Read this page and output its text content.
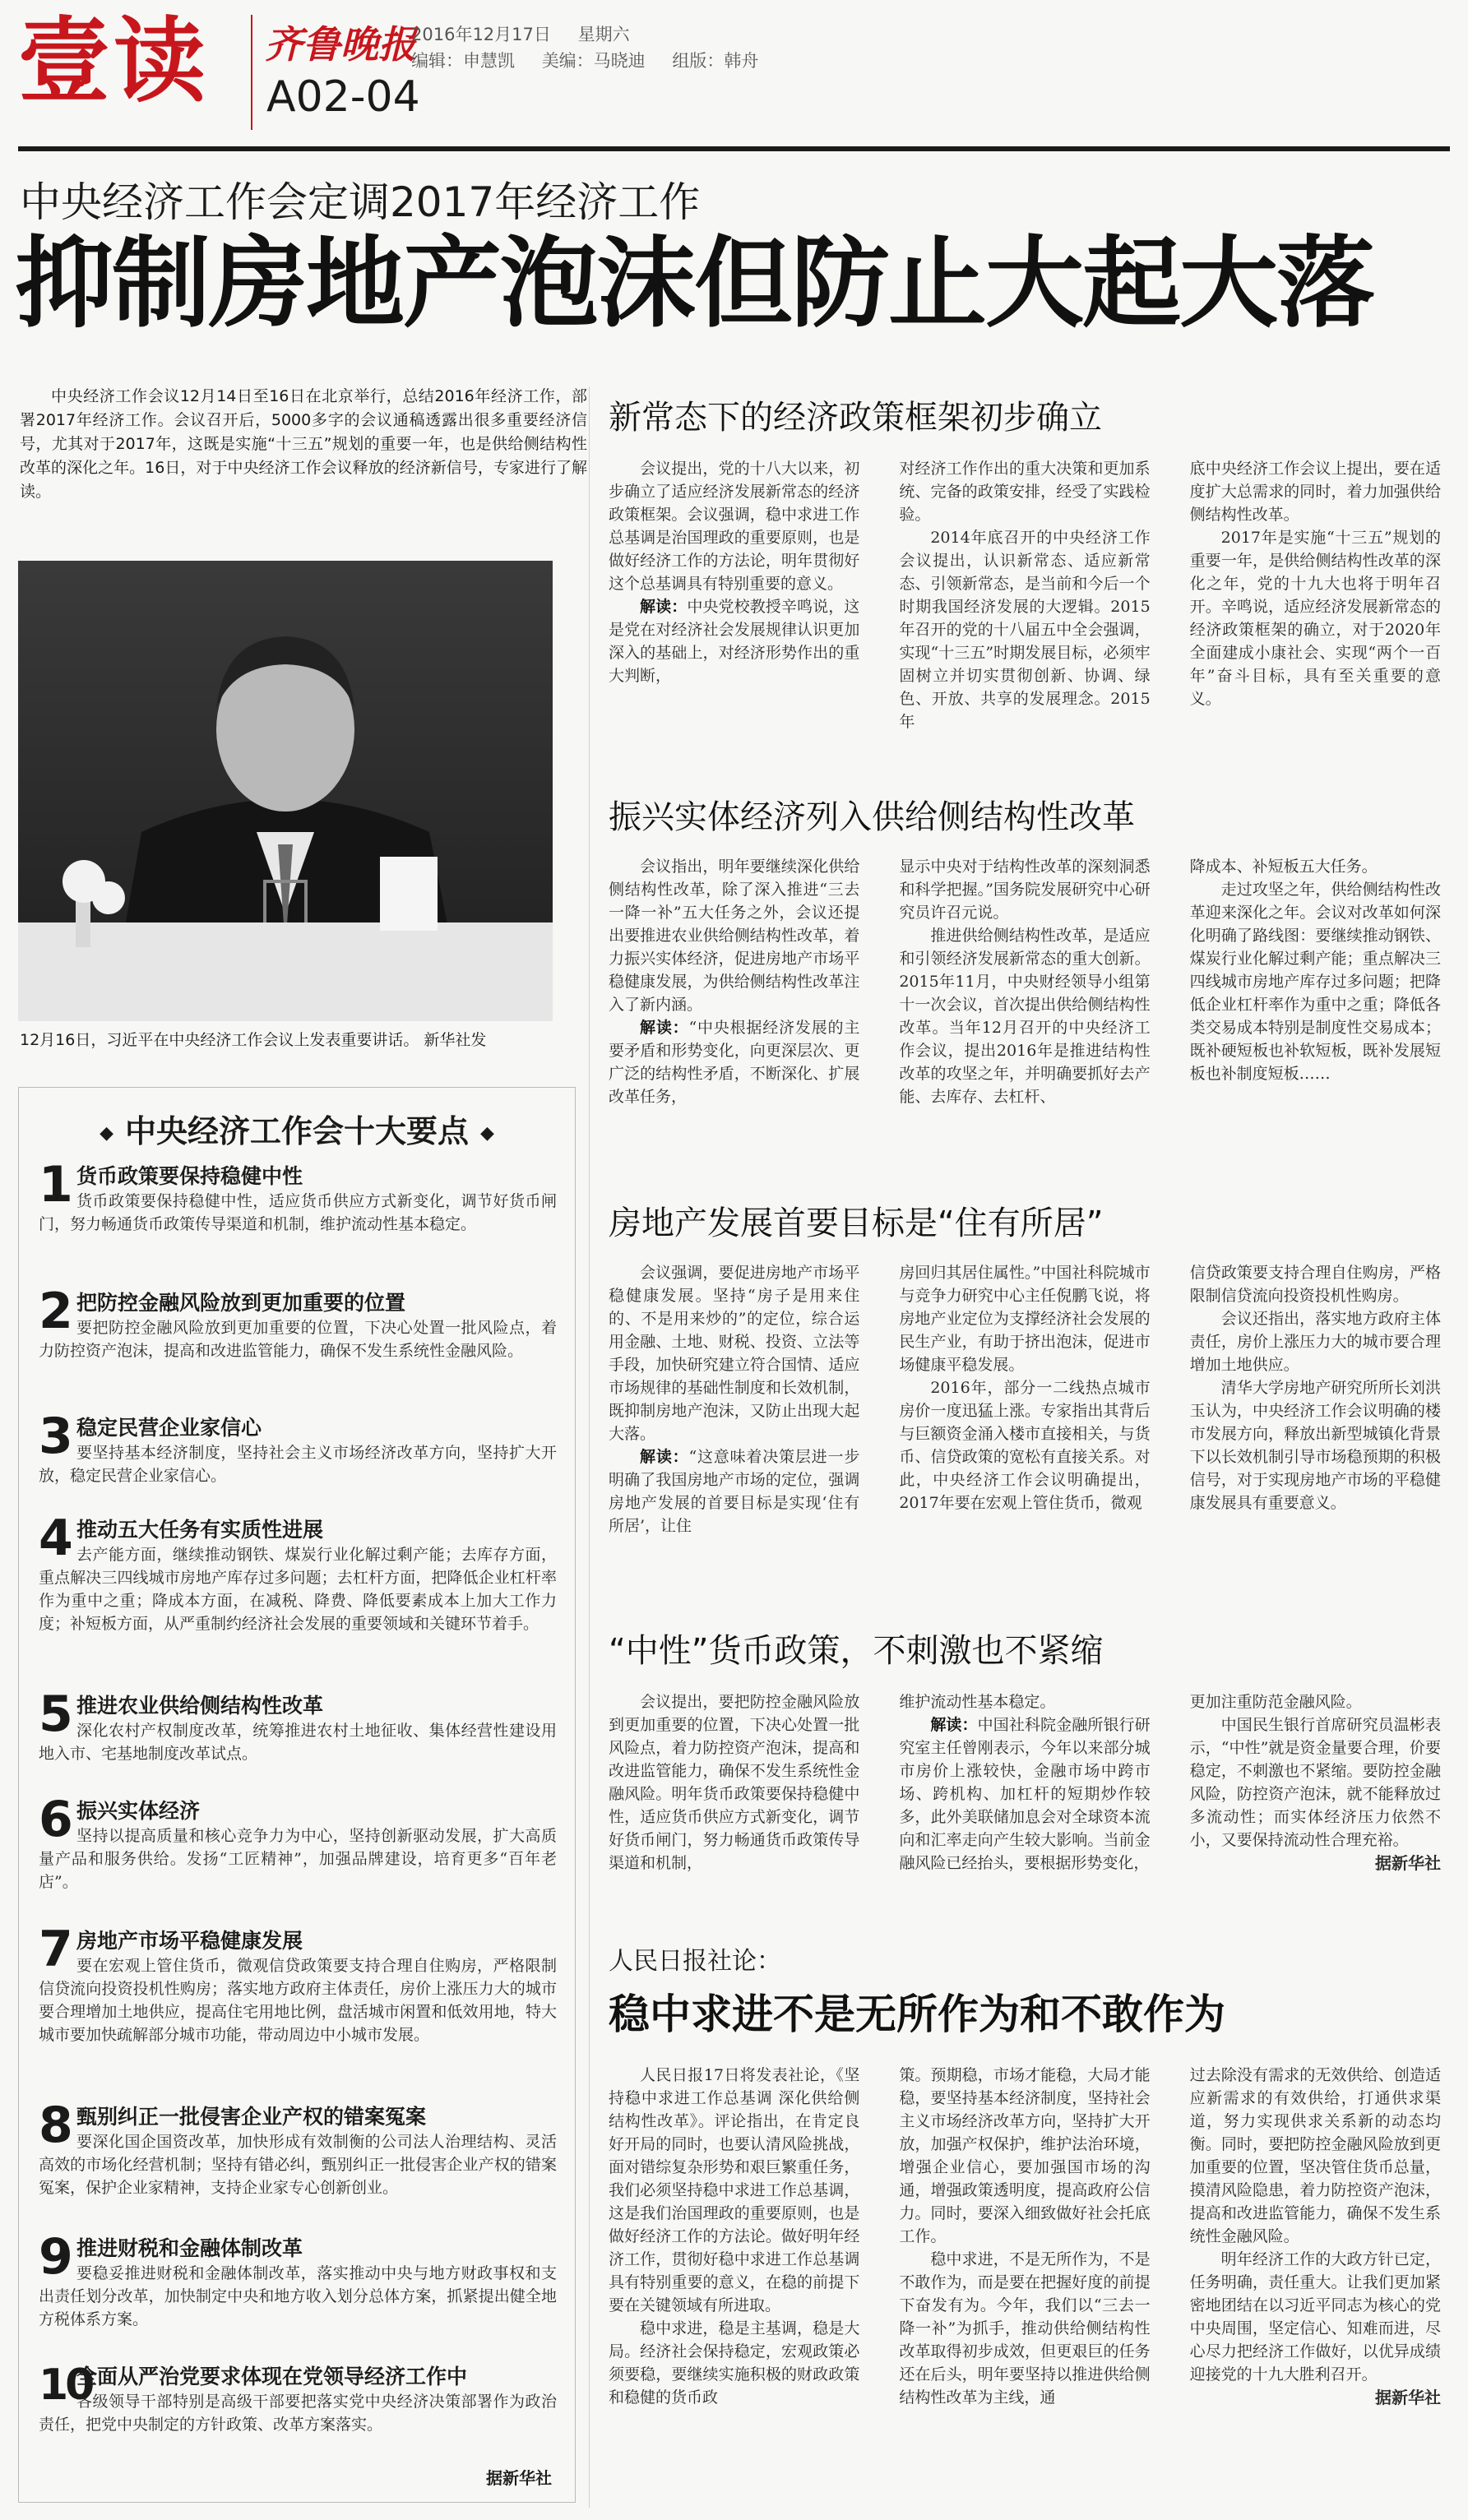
壹读 齐鲁晚报
A02-04
2016年12月17日 星期六
编辑：申慧凯 美编：马晓迪 组版：韩舟
中央经济工作会定调2017年经济工作
抑制房地产泡沫但防止大起大落
中央经济工作会议12月14日至16日在北京举行，总结2016年经济工作，部署2017年经济工作。会议召开后，5000多字的会议通稿透露出很多重要经济信号，尤其对于2017年，这既是实施“十三五”规划的重要一年，也是供给侧结构性改革的深化之年。16日，对于中央经济工作会议释放的经济新信号，专家进行了解读。
12月16日，习近平在中央经济工作会议上发表重要讲话。 新华社发
◆ 中央经济工作会十大要点 ◆
1 货币政策要保持稳健中性
货币政策要保持稳健中性，适应货币供应方式新变化，调节好货币闸门，努力畅通货币政策传导渠道和机制，维护流动性基本稳定。
2 把防控金融风险放到更加重要的位置
要把防控金融风险放到更加重要的位置，下决心处置一批风险点，着力防控资产泡沫，提高和改进监管能力，确保不发生系统性金融风险。
3 稳定民营企业家信心
要坚持基本经济制度，坚持社会主义市场经济改革方向，坚持扩大开放，稳定民营企业家信心。
4 推动五大任务有实质性进展
去产能方面，继续推动钢铁、煤炭行业化解过剩产能；去库存方面，重点解决三四线城市房地产库存过多问题；去杠杆方面，把降低企业杠杆率作为重中之重；降成本方面，在减税、降费、降低要素成本上加大工作力度；补短板方面，从严重制约经济社会发展的重要领域和关键环节着手。
5 推进农业供给侧结构性改革
深化农村产权制度改革，统筹推进农村土地征收、集体经营性建设用地入市、宅基地制度改革试点。
6 振兴实体经济
坚持以提高质量和核心竞争力为中心，坚持创新驱动发展，扩大高质量产品和服务供给。发扬“工匠精神”，加强品牌建设，培育更多“百年老店”。
7 房地产市场平稳健康发展
要在宏观上管住货币，微观信贷政策要支持合理自住购房，严格限制信贷流向投资投机性购房；落实地方政府主体责任，房价上涨压力大的城市要合理增加土地供应，提高住宅用地比例，盘活城市闲置和低效用地，特大城市要加快疏解部分城市功能，带动周边中小城市发展。
8 甄别纠正一批侵害企业产权的错案冤案
要深化国企国资改革，加快形成有效制衡的公司法人治理结构、灵活高效的市场化经营机制；坚持有错必纠，甄别纠正一批侵害企业产权的错案冤案，保护企业家精神，支持企业家专心创新创业。
9 推进财税和金融体制改革
要稳妥推进财税和金融体制改革，落实推动中央与地方财政事权和支出责任划分改革，加快制定中央和地方收入划分总体方案，抓紧提出健全地方税体系方案。
10
全面从严治党要求体现在党领导经济工作中
各级领导干部特别是高级干部要把落实党中央经济决策部署作为政治责任，把党中央制定的方针政策、改革方案落实。
据新华社
新常态下的经济政策框架初步确立

会议提出，党的十八大以来，初步确立了适应经济发展新常态的经济政策框架。会议强调，稳中求进工作总基调是治国理政的重要原则，也是做好经济工作的方法论，明年贯彻好这个总基调具有特别重要的意义。

解读：中央党校教授辛鸣说，这是党在对经济社会发展规律认识更加深入的基础上，对经济形势作出的重大判断，

对经济工作作出的重大决策和更加系统、完备的政策安排，经受了实践检验。

2014年底召开的中央经济工作会议提出，认识新常态、适应新常态、引领新常态，是当前和今后一个时期我国经济发展的大逻辑。2015年召开的党的十八届五中全会强调，实现“十三五”时期发展目标，必须牢固树立并切实贯彻创新、协调、绿色、开放、共享的发展理念。2015年

底中央经济工作会议上提出，要在适度扩大总需求的同时，着力加强供给侧结构性改革。

2017年是实施“十三五”规划的重要一年，是供给侧结构性改革的深化之年，党的十九大也将于明年召开。辛鸣说，适应经济发展新常态的经济政策框架的确立，对于2020年全面建成小康社会、实现“两个一百年”奋斗目标，具有至关重要的意义。

振兴实体经济列入供给侧结构性改革

会议指出，明年要继续深化供给侧结构性改革，除了深入推进“三去一降一补”五大任务之外，会议还提出要推进农业供给侧结构性改革，着力振兴实体经济，促进房地产市场平稳健康发展，为供给侧结构性改革注入了新内涵。

解读：“中央根据经济发展的主要矛盾和形势变化，向更深层次、更广泛的结构性矛盾，不断深化、扩展改革任务，

显示中央对于结构性改革的深刻洞悉和科学把握。”国务院发展研究中心研究员许召元说。

推进供给侧结构性改革，是适应和引领经济发展新常态的重大创新。2015年11月，中央财经领导小组第十一次会议，首次提出供给侧结构性改革。当年12月召开的中央经济工作会议，提出2016年是推进结构性改革的攻坚之年，并明确要抓好去产能、去库存、去杠杆、

降成本、补短板五大任务。

走过攻坚之年，供给侧结构性改革迎来深化之年。会议对改革如何深化明确了路线图：要继续推动钢铁、煤炭行业化解过剩产能；重点解决三四线城市房地产库存过多问题；把降低企业杠杆率作为重中之重；降低各类交易成本特别是制度性交易成本；既补硬短板也补软短板，既补发展短板也补制度短板……

房地产发展首要目标是“住有所居”

会议强调，要促进房地产市场平稳健康发展。坚持“房子是用来住的、不是用来炒的”的定位，综合运用金融、土地、财税、投资、立法等手段，加快研究建立符合国情、适应市场规律的基础性制度和长效机制，既抑制房地产泡沫，又防止出现大起大落。

解读：“这意味着决策层进一步明确了我国房地产市场的定位，强调房地产发展的首要目标是实现‘住有所居’，让住

房回归其居住属性。”中国社科院城市与竞争力研究中心主任倪鹏飞说，将房地产业定位为支撑经济社会发展的民生产业，有助于挤出泡沫，促进市场健康平稳发展。

2016年，部分一二线热点城市房价一度迅猛上涨。专家指出其背后与巨额资金涌入楼市直接相关，与货币、信贷政策的宽松有直接关系。对此，中央经济工作会议明确提出，2017年要在宏观上管住货币，微观

信贷政策要支持合理自住购房，严格限制信贷流向投资投机性购房。

会议还指出，落实地方政府主体责任，房价上涨压力大的城市要合理增加土地供应。

清华大学房地产研究所所长刘洪玉认为，中央经济工作会议明确的楼市发展方向，释放出新型城镇化背景下以长效机制引导市场稳预期的积极信号，对于实现房地产市场的平稳健康发展具有重要意义。

“中性”货币政策，不刺激也不紧缩

会议提出，要把防控金融风险放到更加重要的位置，下决心处置一批风险点，着力防控资产泡沫，提高和改进监管能力，确保不发生系统性金融风险。明年货币政策要保持稳健中性，适应货币供应方式新变化，调节好货币闸门，努力畅通货币政策传导渠道和机制，

维护流动性基本稳定。

解读：中国社科院金融所银行研究室主任曾刚表示，今年以来部分城市房价上涨较快，金融市场中跨市场、跨机构、加杠杆的短期炒作较多，此外美联储加息会对全球资本流向和汇率走向产生较大影响。当前金融风险已经抬头，要根据形势变化，

更加注重防范金融风险。

中国民生银行首席研究员温彬表示，“中性”就是资金量要合理，价要稳定，不刺激也不紧缩。要防控金融风险，防控资产泡沫，就不能释放过多流动性；而实体经济压力依然不小，又要保持流动性合理充裕。

据新华社
人民日报社论：
稳中求进不是无所作为和不敢作为

人民日报17日将发表社论，《坚持稳中求进工作总基调 深化供给侧结构性改革》。评论指出，在肯定良好开局的同时，也要认清风险挑战，面对错综复杂形势和艰巨繁重任务，我们必须坚持稳中求进工作总基调，这是我们治国理政的重要原则，也是做好经济工作的方法论。做好明年经济工作，贯彻好稳中求进工作总基调具有特别重要的意义，在稳的前提下要在关键领域有所进取。

稳中求进，稳是主基调，稳是大局。经济社会保持稳定，宏观政策必须要稳，要继续实施积极的财政政策和稳健的货币政

策。预期稳，市场才能稳，大局才能稳，要坚持基本经济制度，坚持社会主义市场经济改革方向，坚持扩大开放，加强产权保护，维护法治环境，增强企业信心，要加强国市场的沟通，增强政策透明度，提高政府公信力。同时，要深入细致做好社会托底工作。

稳中求进，不是无所作为，不是不敢作为，而是要在把握好度的前提下奋发有为。今年，我们以“三去一降一补”为抓手，推动供给侧结构性改革取得初步成效，但更艰巨的任务还在后头，明年要坚持以推进供给侧结构性改革为主线，通

过去除没有需求的无效供给、创造适应新需求的有效供给，打通供求渠道，努力实现供求关系新的动态均衡。同时，要把防控金融风险放到更加重要的位置，坚决管住货币总量，摸清风险隐患，着力防控资产泡沫，提高和改进监管能力，确保不发生系统性金融风险。

明年经济工作的大政方针已定，任务明确，责任重大。让我们更加紧密地团结在以习近平同志为核心的党中央周围，坚定信心、知难而进，尽心尽力把经济工作做好，以优异成绩迎接党的十九大胜利召开。

据新华社
